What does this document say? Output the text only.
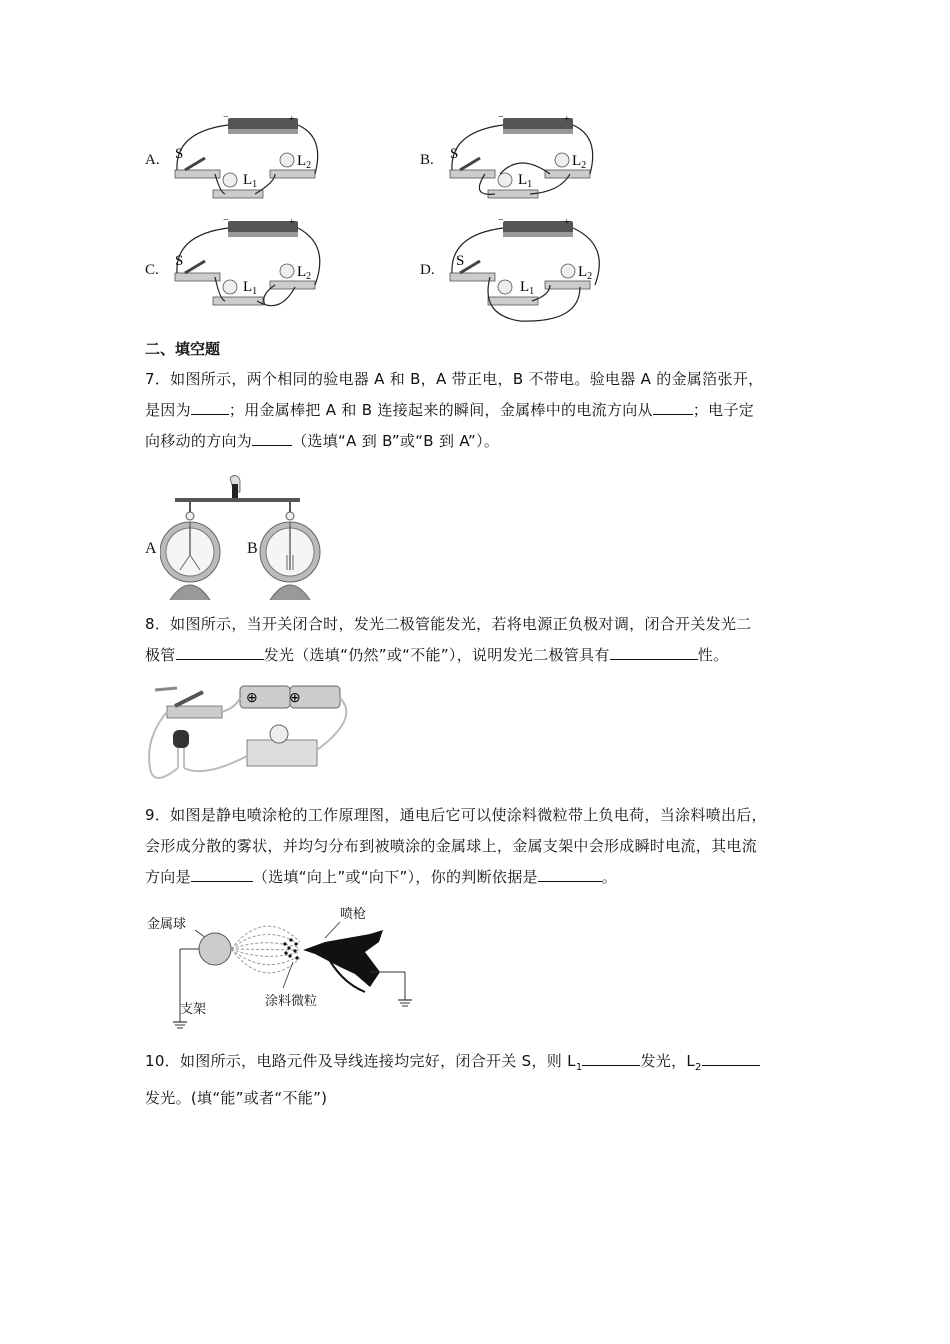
A.
−	+
S
$L_1$
$L_2$	B.
−	+
S
$L_1$
$L_2$
C.
−	+
S
$L_1$
$L_2$	D.
−	+
S
$L_1$
$L_2$
二、填空题
7．如图所示，两个相同的验电器 A 和 B，A 带正电，B 不带电。验电器 A 的金属箔张开，
是因为	；用金属棒把 A 和 B 连接起来的瞬间，金属棒中的电流方向从	；电子定
向移动的方向为	（选填“A 到 B”或“B 到 A”）。
A	B
8．如图所示，当开关闭合时，发光二极管能发光，若将电源正负极对调，闭合开关发光二
极管	发光（选填“仍然”或“不能”），说明发光二极管具有	性。
⊕ ⊕
9．如图是静电喷涂枪的工作原理图，通电后它可以使涂料微粒带上负电荷，当涂料喷出后，
会形成分散的雾状，并均匀分布到被喷涂的金属球上，金属支架中会形成瞬时电流，其电流
方向是	（选填“向上”或“向下”），你的判断依据是	。
金属球
喷枪
支架
涂料微粒
10．如图所示，电路元件及导线连接均完好，闭合开关 S，则 $L_1$	发光，$L_2$
发光。(填“能”或者“不能”)
